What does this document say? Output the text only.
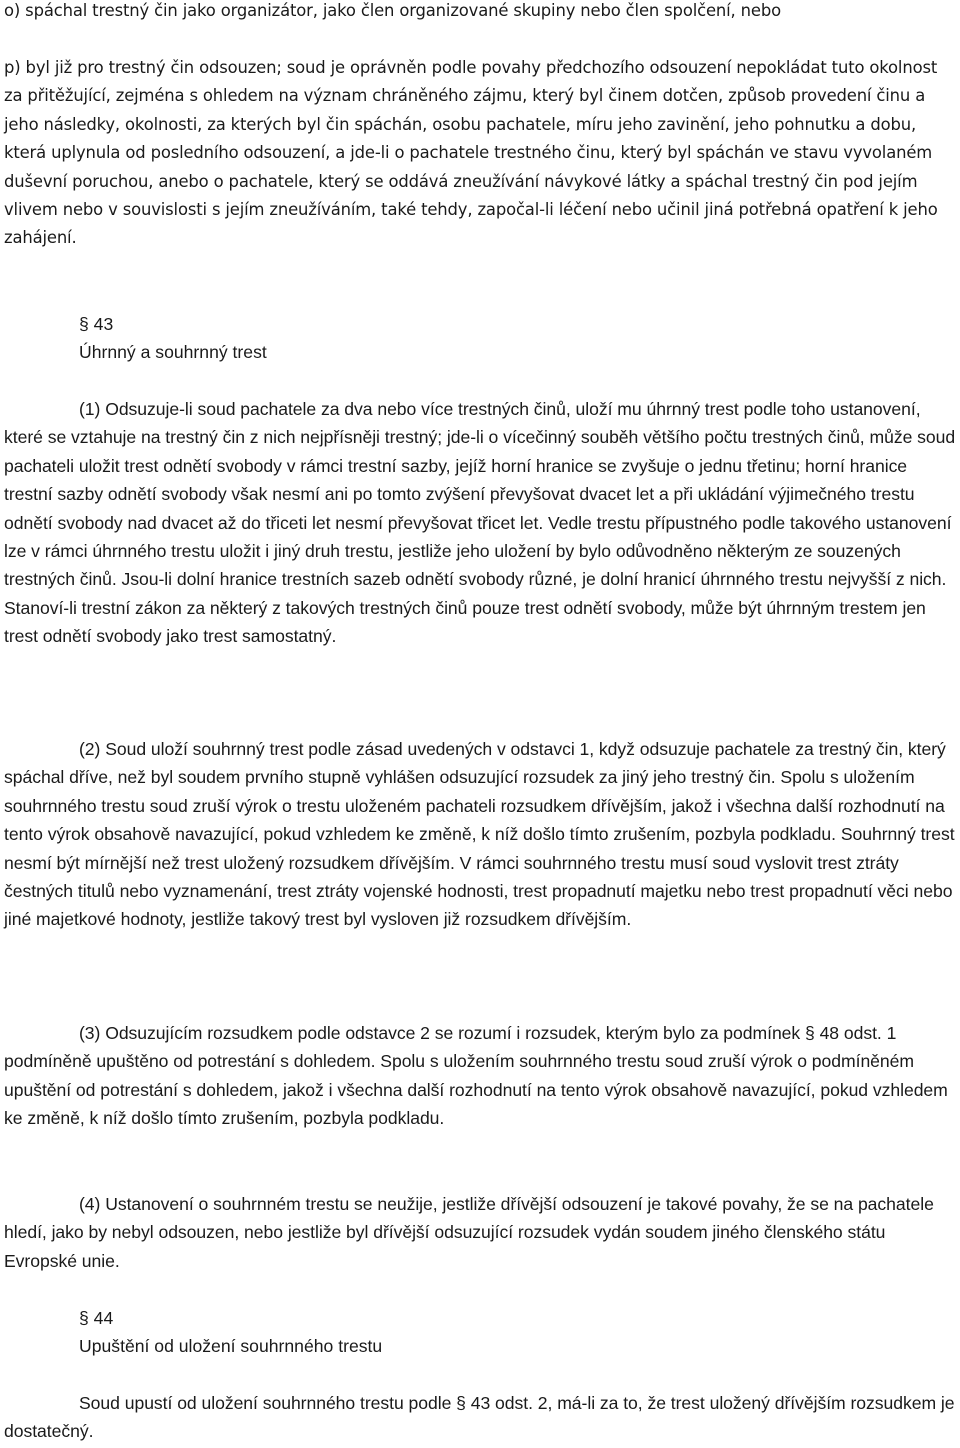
o) spáchal trestný čin jako organizátor, jako člen organizované skupiny nebo člen spolčení, nebo

p) byl již pro trestný čin odsouzen; soud je oprávněn podle povahy předchozího odsouzení nepokládat tuto okolnost za přitěžující, zejména s ohledem na význam chráněného zájmu, který byl činem dotčen, způsob provedení činu a jeho následky, okolnosti, za kterých byl čin spáchán, osobu pachatele, míru jeho zavinění, jeho pohnutku a dobu, která uplynula od posledního odsouzení, a jde-li o pachatele trestného činu, který byl spáchán ve stavu vyvolaném duševní poruchou, anebo o pachatele, který se oddává zneužívání návykové látky a spáchal trestný čin pod jejím vlivem nebo v souvislosti s jejím zneužíváním, také tehdy, započal-li léčení nebo učinil jiná potřebná opatření k jeho zahájení.

§ 43

Úhrnný a souhrnný trest

(1) Odsuzuje-li soud pachatele za dva nebo více trestných činů, uloží mu úhrnný trest podle toho ustanovení, které se vztahuje na trestný čin z nich nejpřísněji trestný; jde-li o vícečinný souběh většího počtu trestných činů, může soud pachateli uložit trest odnětí svobody v rámci trestní sazby, jejíž horní hranice se zvyšuje o jednu třetinu; horní hranice trestní sazby odnětí svobody však nesmí ani po tomto zvýšení převyšovat dvacet let a při ukládání výjimečného trestu odnětí svobody nad dvacet až do třiceti let nesmí převyšovat třicet let. Vedle trestu přípustného podle takového ustanovení lze v rámci úhrnného trestu uložit i jiný druh trestu, jestliže jeho uložení by bylo odůvodněno některým ze souzených trestných činů. Jsou-li dolní hranice trestních sazeb odnětí svobody různé, je dolní hranicí úhrnného trestu nejvyšší z nich. Stanoví-li trestní zákon za některý z takových trestných činů pouze trest odnětí svobody, může být úhrnným trestem jen trest odnětí svobody jako trest samostatný.

(2) Soud uloží souhrnný trest podle zásad uvedených v odstavci 1, když odsuzuje pachatele za trestný čin, který spáchal dříve, než byl soudem prvního stupně vyhlášen odsuzující rozsudek za jiný jeho trestný čin. Spolu s uložením souhrnného trestu soud zruší výrok o trestu uloženém pachateli rozsudkem dřívějším, jakož i všechna další rozhodnutí na tento výrok obsahově navazující, pokud vzhledem ke změně, k níž došlo tímto zrušením, pozbyla podkladu. Souhrnný trest nesmí být mírnější než trest uložený rozsudkem dřívějším. V rámci souhrnného trestu musí soud vyslovit trest ztráty čestných titulů nebo vyznamenání, trest ztráty vojenské hodnosti, trest propadnutí majetku nebo trest propadnutí věci nebo jiné majetkové hodnoty, jestliže takový trest byl vysloven již rozsudkem dřívějším.

(3) Odsuzujícím rozsudkem podle odstavce 2 se rozumí i rozsudek, kterým bylo za podmínek § 48 odst. 1 podmíněně upuštěno od potrestání s dohledem. Spolu s uložením souhrnného trestu soud zruší výrok o podmíněném upuštění od potrestání s dohledem, jakož i všechna další rozhodnutí na tento výrok obsahově navazující, pokud vzhledem ke změně, k níž došlo tímto zrušením, pozbyla podkladu.

(4) Ustanovení o souhrnném trestu se neužije, jestliže dřívější odsouzení je takové povahy, že se na pachatele hledí, jako by nebyl odsouzen, nebo jestliže byl dřívější odsuzující rozsudek vydán soudem jiného členského státu Evropské unie.

§ 44

Upuštění od uložení souhrnného trestu

Soud upustí od uložení souhrnného trestu podle § 43 odst. 2, má-li za to, že trest uložený dřívějším rozsudkem je dostatečný.
